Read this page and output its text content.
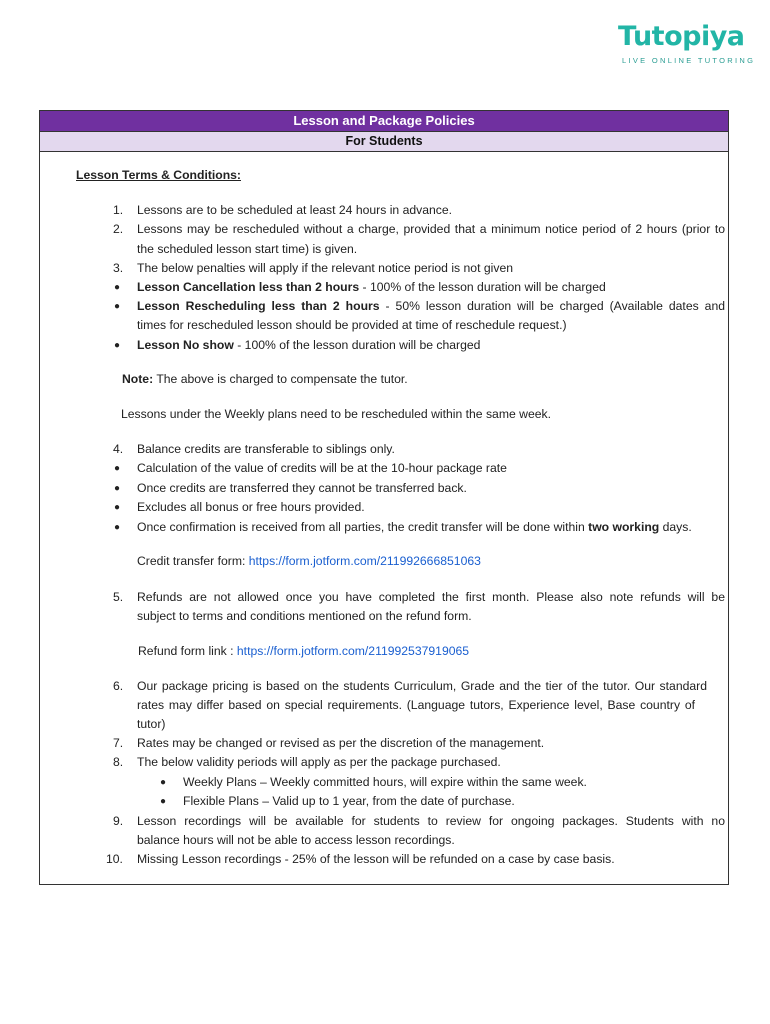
Tutopiya
LIVE ONLINE TUTORING
Lesson and Package Policies
For Students
Lesson Terms & Conditions:
1. Lessons are to be scheduled at least 24 hours in advance.
2. Lessons may be rescheduled without a charge, provided that a minimum notice period of 2 hours (prior to
the scheduled lesson start time) is given.
3. The below penalties will apply if the relevant notice period is not given
● Lesson Cancellation less than 2 hours - 100% of the lesson duration will be charged
● Lesson Rescheduling less than 2 hours - 50% lesson duration will be charged (Available dates and
times for rescheduled lesson should be provided at time of reschedule request.)
● Lesson No show - 100% of the lesson duration will be charged
Note: The above is charged to compensate the tutor.
Lessons under the Weekly plans need to be rescheduled within the same week.
4. Balance credits are transferable to siblings only.
● Calculation of the value of credits will be at the 10-hour package rate
● Once credits are transferred they cannot be transferred back.
● Excludes all bonus or free hours provided.
● Once confirmation is received from all parties, the credit transfer will be done within two working days.
Credit transfer form: https://form.jotform.com/211992666851063
5. Refunds are not allowed once you have completed the first month. Please also note refunds will be
subject to terms and conditions mentioned on the refund form.
Refund form link : https://form.jotform.com/211992537919065
6. Our package pricing is based on the students Curriculum, Grade and the tier of the tutor. Our standard
rates may differ based on special requirements. (Language tutors, Experience level, Base country of
tutor)
7. Rates may be changed or revised as per the discretion of the management.
8. The below validity periods will apply as per the package purchased.
● Weekly Plans – Weekly committed hours, will expire within the same week.
● Flexible Plans – Valid up to 1 year, from the date of purchase.
9. Lesson recordings will be available for students to review for ongoing packages. Students with no
balance hours will not be able to access lesson recordings.
10. Missing Lesson recordings - 25% of the lesson will be refunded on a case by case basis.
